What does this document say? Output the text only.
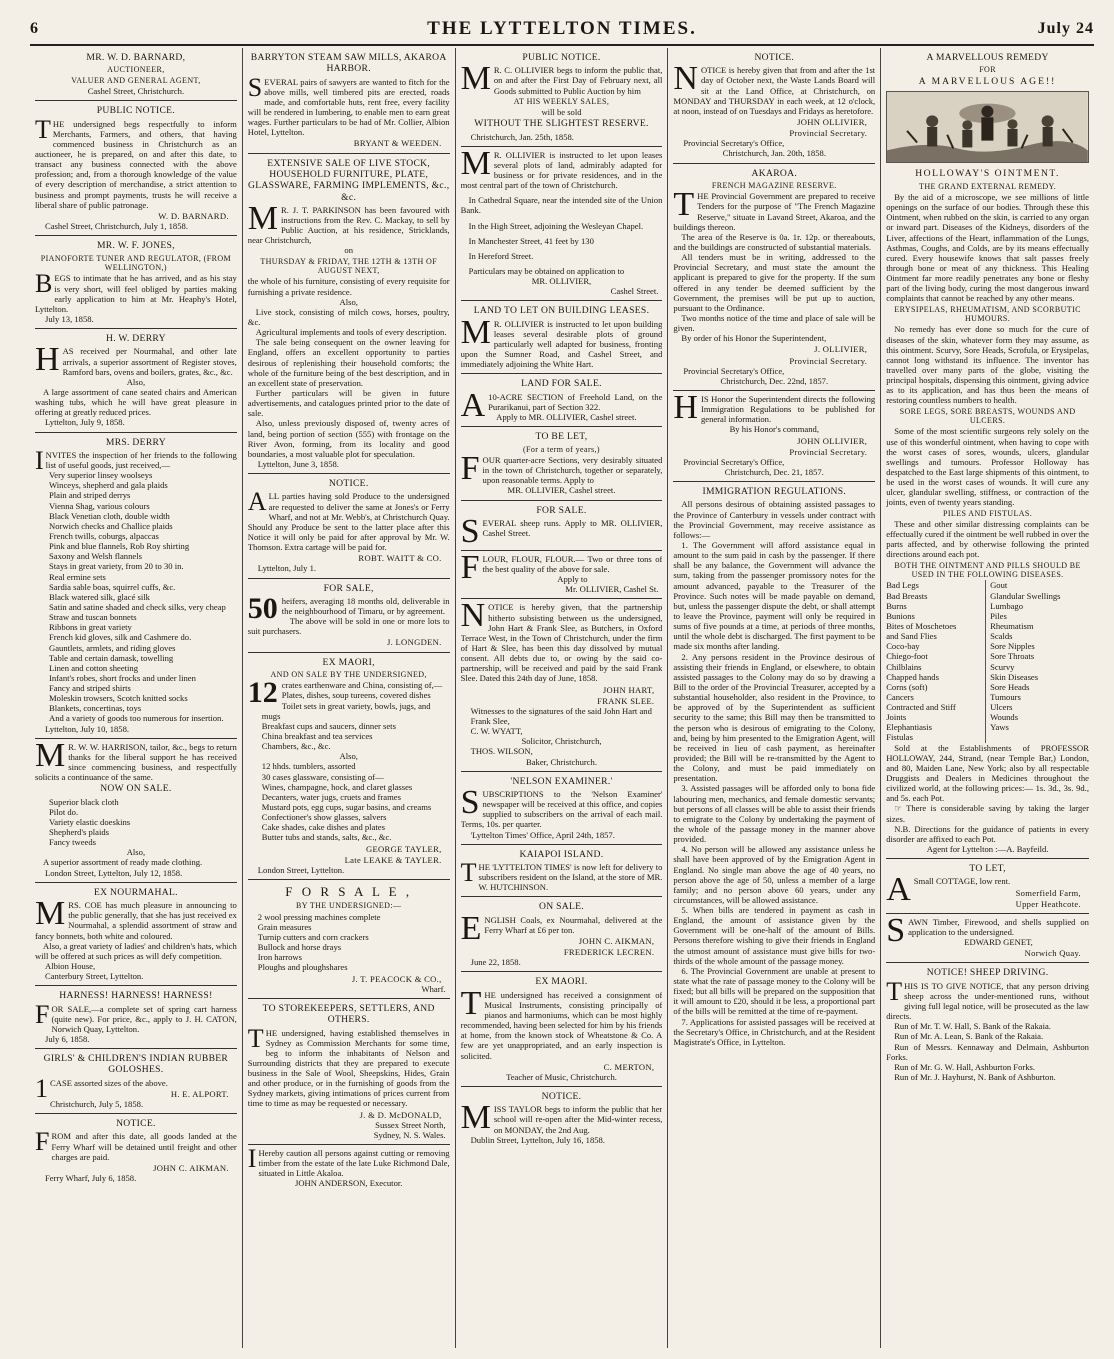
6	THE LYTTELTON TIMES.	July 24
MR. W. D. BARNARD,
AUCTIONEER,
VALUER AND GENERAL AGENT,

Cashel Street, Christchurch.

PUBLIC NOTICE.

THE undersigned begs respectfully to inform Merchants, Farmers, and others, that having commenced business in Christchurch as an auctioneer, he is prepared, on and after this date, to transact any business connected with the above profession; and, from a thorough knowledge of the value of every description of merchandise, a strict attention to business and prompt payments, trusts he will receive a liberal share of public patronage.

W. D. BARNARD.

Cashel Street, Christchurch, July 1, 1858.

MR. W. F. JONES,
PIANOFORTE TUNER AND REGULATOR, (FROM WELLINGTON,)

BEGS to intimate that he has arrived, and as his stay is very short, will feel obliged by parties making early application to him at Mr. Heaphy's Hotel, Lyttelton.

July 13, 1858.

H. W. DERRY

HAS received per Nourmahal, and other late arrivals, a superior assortment of Register stoves, Ramford bars, ovens and boilers, grates, &c., &c.

Also,

A large assortment of cane seated chairs and American washing tubs, which he will have great pleasure in offering at greatly reduced prices.

Lyttelton, July 9, 1858.

MRS. DERRY

INVITES the inspection of her friends to the following list of useful goods, just received,—

Very superior linsey woolseys

Winceys, shepherd and gala plaids

Plain and striped derrys

Vienna Shag, various colours

Black Venetian cloth, double width

Norwich checks and Challice plaids

French twills, coburgs, alpaccas

Pink and blue flannels, Rob Roy shirting

Saxony and Welsh flannels

Stays in great variety, from 20 to 30 in.

Real ermine sets

Sardia sable boas, squirrel cuffs, &c.

Black watered silk, glacé silk

Satin and satine shaded and check silks, very cheap

Straw and tuscan bonnets

Ribbons in great variety

French kid gloves, silk and Cashmere do.

Gauntlets, armlets, and riding gloves

Table and certain damask, towelling

Linen and cotton sheeting

Infant's robes, short frocks and under linen

Fancy and striped shirts

Moleskin trowsers, Scotch knitted socks

Blankets, concertinas, toys

And a variety of goods too numerous for insertion.

Lyttelton, July 10, 1858.

MR. W. W. HARRISON, tailor, &c., begs to return thanks for the liberal support he has received since commencing business, and respectfully solicits a continuance of the same.

NOW ON SALE.

Superior black cloth

Pilot do.

Variety elastic doeskins

Shepherd's plaids

Fancy tweeds

Also,

A superior assortment of ready made clothing.

London Street, Lyttelton, July 12, 1858.

EX NOURMAHAL.

MRS. COE has much pleasure in announcing to the public generally, that she has just received ex Nourmahal, a splendid assortment of straw and fancy bonnets, both white and coloured.

Also, a great variety of ladies' and children's hats, which will be offered at such prices as will defy competition.

Albion House,

Canterbury Street, Lyttelton.

HARNESS! HARNESS! HARNESS!

FOR SALE,—a complete set of spring cart harness (quite new). For price, &c., apply to J. H. CATON, Norwich Quay, Lyttelton.

July 6, 1858.

GIRLS' & CHILDREN'S INDIAN RUBBER GOLOSHES.

1CASE assorted sizes of the above.

H. E. ALPORT.

Christchurch, July 5, 1858.

NOTICE.

FROM and after this date, all goods landed at the Ferry Wharf will be detained until freight and other charges are paid.

JOHN C. AIKMAN.

Ferry Wharf, July 6, 1858.

BARRYTON STEAM SAW MILLS, AKAROA HARBOR.

SEVERAL pairs of sawyers are wanted to fitch for the above mills, well timbered pits are erected, roads made, and comfortable huts, rent free, every facility will be rendered in lumbering, to enable men to earn great wages. Further particulars to be had of Mr. Collier, Albion Hotel, Lyttelton.

BRYANT & WEEDEN.

EXTENSIVE SALE OF LIVE STOCK, HOUSEHOLD FURNITURE, PLATE, GLASSWARE, FARMING IMPLEMENTS, &c., &c.

MR. J. T. PARKINSON has been favoured with instructions from the Rev. C. Mackay, to sell by Public Auction, at his residence, Stricklands, near Christchurch,

on

THURSDAY & FRIDAY, THE 12TH & 13TH OF AUGUST NEXT,

the whole of his furniture, consisting of every requisite for furnishing a private residence.

Also,

Live stock, consisting of milch cows, horses, poultry, &c.

Agricultural implements and tools of every description.

The sale being consequent on the owner leaving for England, offers an excellent opportunity to parties desirous of replenishing their household comforts; the whole of the furniture being of the best description, and in an excellent state of preservation.

Further particulars will be given in future advertisements, and catalogues printed prior to the date of sale.

Also, unless previously disposed of, twenty acres of land, being portion of section (555) with frontage on the River Avon, forming, from its locality and good boundaries, a most valuable plot for speculation.

Lyttelton, June 3, 1858.

NOTICE.

ALL parties having sold Produce to the undersigned are requested to deliver the same at Jones's or Ferry Wharf, and not at Mr. Webb's, at Christchurch Quay. Should any Produce be sent to the latter place after this Notice it will only be paid for after approval by Mr. W. Thomson. Extra cartage will be paid for.

ROBT. WAITT & CO.

Lyttelton, July 1.

FOR SALE,

50 heifers, averaging 18 months old, deliverable in the neighbourhood of Timaru, or by agreement.

The above will be sold in one or more lots to suit purchasers.

J. LONGDEN.

EX MAORI,
AND ON SALE BY THE UNDERSIGNED,

12 crates earthenware and China, consisting of,—

Plates, dishes, soup tureens, covered dishes

Toilet sets in great variety, bowls, jugs, and mugs

Breakfast cups and saucers, dinner sets

China breakfast and tea services

Chambers, &c., &c.

Also,

12 hhds. tumblers, assorted

30 cases glassware, consisting of—

Wines, champagne, hock, and claret glasses

Decanters, water jugs, cruets and frames

Mustard pots, egg cups, sugar basins, and creams

Confectioner's show glasses, salvers

Cake shades, cake dishes and plates

Butter tubs and stands, salts, &c., &c.

GEORGE TAYLER,

Late LEAKE & TAYLER.

London Street, Lyttelton.

F O R S A L E ,
BY THE UNDERSIGNED:—

2 wool pressing machines complete

Grain measures

Turnip cutters and corn crackers

Bullock and horse drays

Iron harrows

Ploughs and ploughshares

J. T. PEACOCK & CO.,

Wharf.

TO STOREKEEPERS, SETTLERS, AND OTHERS.

THE undersigned, having established themselves in Sydney as Commission Merchants for some time, beg to inform the inhabitants of Nelson and Surrounding districts that they are prepared to execute business in the Sale of Wool, Sheepskins, Hides, Grain and other produce, or in the furnishing of goods from the Sydney markets, giving intimations of prices current from time to time as may be requested or necessary.

J. & D. McDONALD,

Sussex Street North,

Sydney, N. S. Wales.

IHereby caution all persons against cutting or removing timber from the estate of the late Luke Richmond Dale, situated in Little Akaloa.

JOHN ANDERSON, Executor.

PUBLIC NOTICE.

MR. C. OLLIVIER begs to inform the public that, on and after the First Day of February next, all Goods submitted to Public Auction by him

AT HIS WEEKLY SALES,

will be sold

WITHOUT THE SLIGHTEST RESERVE.

Christchurch, Jan. 25th, 1858.

MR. OLLIVIER is instructed to let upon leases several plots of land, admirably adapted for business or for private residences, and in the most central part of the town of Christchurch.

In Cathedral Square, near the intended site of the Union Bank.

In the High Street, adjoining the Wesleyan Chapel.

In Manchester Street, 41 feet by 130

In Hereford Street.

Particulars may be obtained on application to

MR. OLLIVIER,

Cashel Street.

LAND TO LET ON BUILDING LEASES.

MR. OLLIVIER is instructed to let upon building leases several desirable plots of ground particularly well adapted for business, fronting upon the Sumner Road, and Cashel Street, and immediately adjoining the White Hart.

LAND FOR SALE.

A10-ACRE SECTION of Freehold Land, on the Purarikanui, part of Section 322.

Apply to MR. OLLIVIER, Cashel street.

TO BE LET,
(For a term of years,)

FOUR quarter-acre Sections, very desirably situated in the town of Christchurch, together or separately, upon reasonable terms. Apply to

MR. OLLIVIER, Cashel street.

FOR SALE.

SEVERAL sheep runs. Apply to MR. OLLIVIER, Cashel Street.

FLOUR, FLOUR, FLOUR.— Two or three tons of the best quality of the above for sale.

Apply to

Mr. OLLIVIER, Cashel St.

NOTICE is hereby given, that the partnership hitherto subsisting between us the undersigned, John Hart & Frank Slee, as Butchers, in Oxford Terrace West, in the Town of Christchurch, under the firm of Hart & Slee, has been this day dissolved by mutual consent. All debts due to, or owing by the said co-partnership, will be received and paid by the said Frank Slee. Dated this 24th day of June, 1858.

JOHN HART,

FRANK SLEE.

Witnesses to the signatures of the said John Hart and Frank Slee,

C. W. WYATT,

Solicitor, Christchurch,

THOS. WILSON,

Baker, Christchurch.

'NELSON EXAMINER.'

SUBSCRIPTIONS to the 'Nelson Examiner' newspaper will be received at this office, and copies supplied to subscribers on the arrival of each mail. Terms, 10s. per quarter.

'Lyttelton Times' Office, April 24th, 1857.

KAIAPOI ISLAND.

THE 'LYTTELTON TIMES' is now left for delivery to subscribers resident on the Island, at the store of MR. W. HUTCHINSON.

ON SALE.

ENGLISH Coals, ex Nourmahal, delivered at the Ferry Wharf at £6 per ton.

JOHN C. AIKMAN,

FREDERICK LECREN.

June 22, 1858.

EX MAORI.

THE undersigned has received a consignment of Musical Instruments, consisting principally of pianos and harmoniums, which can be most highly recommended, having been selected for him by his friends at home, from the known stock of Wheatstone & Co. A few are yet unappropriated, and an early inspection is solicited.

C. MERTON,

Teacher of Music, Christchurch.

NOTICE.

MISS TAYLOR begs to inform the public that her school will re-open after the Mid-winter recess, on MONDAY, the 2nd Aug.

Dublin Street, Lyttelton, July 16, 1858.

NOTICE.

NOTICE is hereby given that from and after the 1st day of October next, the Waste Lands Board will sit at the Land Office, at Christchurch, on MONDAY and THURSDAY in each week, at 12 o'clock, at noon, instead of on Tuesdays and Fridays as heretofore.

JOHN OLLIVIER,

Provincial Secretary.

Provincial Secretary's Office,

Christchurch, Jan. 20th, 1858.

AKAROA.
FRENCH MAGAZINE RESERVE.

THE Provincial Government are prepared to receive Tenders for the purpose of "The French Magazine Reserve," situate in Lavand Street, Akaroa, and the buildings thereon.

The area of the Reserve is 0a. 1r. 12p. or thereabouts, and the buildings are constructed of substantial materials.

All tenders must be in writing, addressed to the Provincial Secretary, and must state the amount the applicant is prepared to give for the property. If the sum offered in any tender be deemed sufficient by the Government, the premises will be put up to auction, pursuant to the Ordinance.

Two months notice of the time and place of sale will be given.

By order of his Honor the Superintendent,

J. OLLIVIER,

Provincial Secretary.

Provincial Secretary's Office,

Christchurch, Dec. 22nd, 1857.

HIS Honor the Superintendent directs the following Immigration Regulations to be published for general information.

By his Honor's command,

JOHN OLLIVIER,

Provincial Secretary.

Provincial Secretary's Office,

Christchurch, Dec. 21, 1857.

IMMIGRATION REGULATIONS.

All persons desirous of obtaining assisted passages to the Province of Canterbury in vessels under contract with the Provincial Government, may receive assistance as follows:—

1. The Government will afford assistance equal in amount to the sum paid in cash by the passenger. If there shall be any balance, the Government will advance the sum, taking from the passenger promissory notes for the amount advanced, payable to the Treasurer of the Province. Such notes will be made payable on demand, but, unless the passenger dispute the debt, or shall attempt to leave the Province, payment will only be required in sums of five pounds at a time, at periods of three months, until the whole debt is discharged. The first payment to be made six months after landing.

2. Any persons resident in the Province desirous of assisting their friends in England, or elsewhere, to obtain assisted passages to the Colony may do so by drawing a Bill to the order of the Provincial Treasurer, accepted by a substantial householder, also resident in the Province, to be approved of by the Superintendent as sufficient security to the same; this Bill may then be transmitted to the person who is desirous of emigrating to the Colony, and, being by him presented to the Emigration Agent, will be received in lieu of cash payment, as hereinafter provided; the Bill will be re-transmitted by the Agent to the Colony, and must be paid immediately on presentation.

3. Assisted passages will be afforded only to bona fide labouring men, mechanics, and female domestic servants; but persons of all classes will be able to assist their friends to emigrate to the Colony by undertaking the payment of the whole of the passage money in the manner above provided.

4. No person will be allowed any assistance unless he shall have been approved of by the Emigration Agent in England. No single man above the age of 40 years, no person above the age of 50, unless a member of a large family; and no person above 60 years, under any circumstances, will be allowed assistance.

5. When bills are tendered in payment as cash in England, the amount of assistance given by the Government will be one-half of the amount of Bills. Persons therefore wishing to give their friends in England the utmost amount of assistance must give bills for two-thirds of the whole amount of the passage money.

6. The Provincial Government are unable at present to state what the rate of passage money to the Colony will be fixed; but all bills will be prepared on the supposition that it will amount to £20, should it be less, a proportional part of the bills will be remitted at the time of re-payment.

7. Applications for assisted passages will be received at the Secretary's Office, in Christchurch, and at the Resident Magistrate's Office, in Lyttelton.

A MARVELLOUS REMEDY
FOR
A MARVELLOUS AGE!!
HOLLOWAY'S OINTMENT.
THE GRAND EXTERNAL REMEDY.

By the aid of a microscope, we see millions of little openings on the surface of our bodies. Through these this Ointment, when rubbed on the skin, is carried to any organ or inward part. Diseases of the Kidneys, disorders of the Liver, affections of the Heart, inflammation of the Lungs, Asthmas, Coughs, and Colds, are by its means effectually cured. Every housewife knows that salt passes freely through bone or meat of any thickness. This Healing Ointment far more readily penetrates any bone or fleshy part of the living body, curing the most dangerous inward complaints that cannot be reached by any other means.

ERYSIPELAS, RHEUMATISM, AND SCORBUTIC HUMOURS.

No remedy has ever done so much for the cure of diseases of the skin, whatever form they may assume, as this ointment. Scurvy, Sore Heads, Scrofula, or Erysipelas, cannot long withstand its influence. The inventor has travelled over many parts of the globe, visiting the principal hospitals, dispensing this ointment, giving advice as to its application, and has thus been the means of restoring countless numbers to health.

SORE LEGS, SORE BREASTS, WOUNDS AND ULCERS.

Some of the most scientific surgeons rely solely on the use of this wonderful ointment, when having to cope with the worst cases of sores, wounds, ulcers, glandular swellings and tumours. Professor Holloway has despatched to the East large shipments of this ointment, to be used in the worst cases of wounds. It will cure any ulcer, glandular swelling, stiffness, or contraction of the joints, even of twenty years standing.

PILES AND FISTULAS.

These and other similar distressing complaints can be effectually cured if the ointment be well rubbed in over the parts affected, and by otherwise following the printed directions around each pot.

BOTH THE OINTMENT AND PILLS SHOULD BE USED IN THE FOLLOWING DISEASES.

Bad Legs

Bad Breasts

Burns

Bunions

Bites of Moschetoes

and Sand Flies

Coco-bay

Chiego-foot

Chilblains

Chapped hands

Corns (soft)

Cancers

Contracted and Stiff

Joints

Elephantiasis

Fistulas

Gout

Glandular Swellings

Lumbago

Piles

Rheumatism

Scalds

Sore Nipples

Sore Throats

Scurvy

Skin Diseases

Sore Heads

Tumours

Ulcers

Wounds

Yaws

Sold at the Establishments of PROFESSOR HOLLOWAY, 244, Strand, (near Temple Bar,) London, and 80, Maiden Lane, New York; also by all respectable Druggists and Dealers in Medicines throughout the civilized world, at the following prices:— 1s. 3d., 3s. 9d., and 5s. each Pot.

☞ There is considerable saving by taking the larger sizes.

N.B. Directions for the guidance of patients in every disorder are affixed to each Pot.

Agent for Lyttelton :—A. Bayfeild.

TO LET,

ASmall COTTAGE, low rent.

Somerfield Farm,

Upper Heathcote.

SAWN Timber, Firewood, and shells supplied on application to the undersigned.

EDWARD GENET,

Norwich Quay.

NOTICE! SHEEP DRIVING.

THIS IS TO GIVE NOTICE, that any person driving sheep across the under-mentioned runs, without giving full legal notice, will be prosecuted as the law directs.

Run of Mr. T. W. Hall, S. Bank of the Rakaia.

Run of Mr. A. Lean, S. Bank of the Rakaia.

Run of Messrs. Kennaway and Delmain, Ashburton Forks.

Run of Mr. G. W. Hall, Ashburton Forks.

Run of Mr. J. Hayhurst, N. Bank of Ashburton.
